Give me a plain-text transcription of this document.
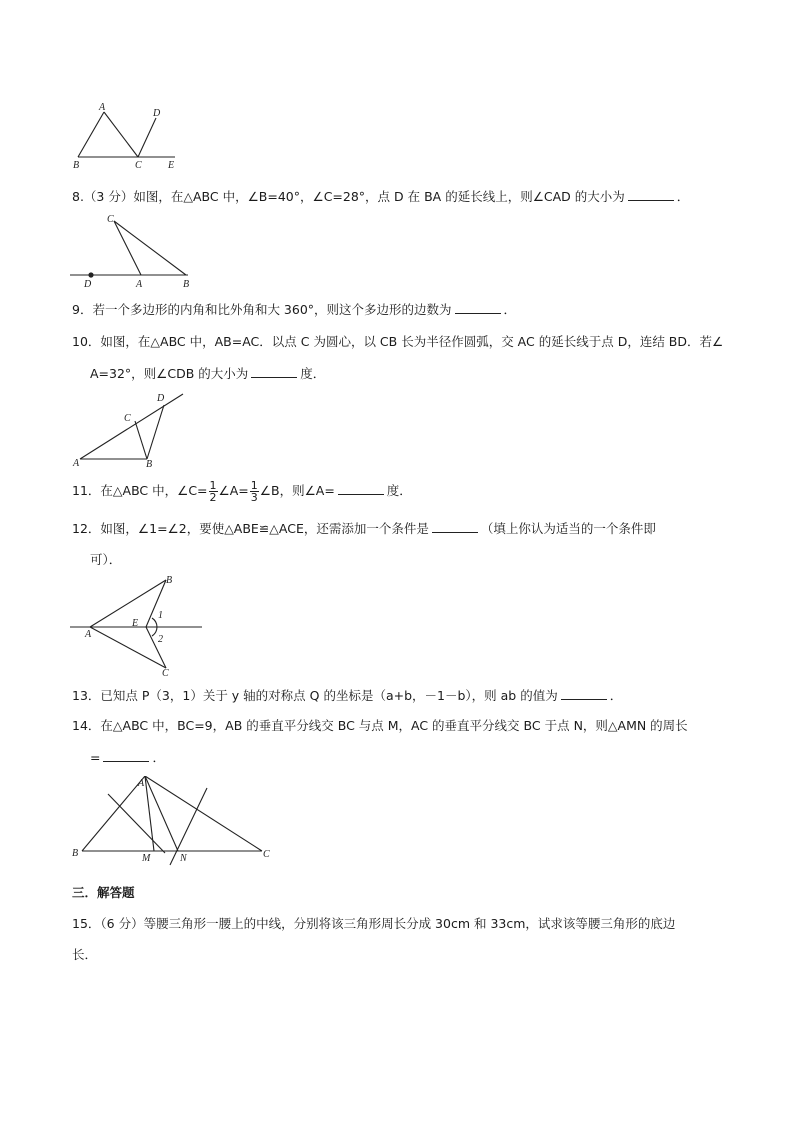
A
D
B	C	E
8.（3 分）如图，在△ABC 中，∠B=40°，∠C=28°，点 D 在 BA 的延长线上，则∠CAD 的大小为	．
C
D	A	B
9．若一个多边形的内角和比外角和大 360°，则这个多边形的边数为	．
10．如图，在△ABC 中，AB=AC．以点 C 为圆心，以 CB 长为半径作圆弧，交 AC 的延长线于点 D，连结 BD．若∠
A=32°，则∠CDB 的大小为	度．
D
C
A	B
11．在△ABC 中，∠C= $\frac{1}{2}$ ∠A= $\frac{1}{3}$ ∠B，则∠A=	度．
12．如图，∠1=∠2，要使△ABE≌△ACE，还需添加一个条件是	（填上你认为适当的一个条件即
可）．
B
1
E
2
A
C
13．已知点 P（3，1）关于 y 轴的对称点 Q 的坐标是（a+b，－1－b），则 ab 的值为	．
14．在△ABC 中，BC=9，AB 的垂直平分线交 BC 与点 M，AC 的垂直平分线交 BC 于点 N，则△AMN 的周长
=	．
A
B	M	N	C
三．解答题
15．（6 分）等腰三角形一腰上的中线，分别将该三角形周长分成 30cm 和 33cm，试求该等腰三角形的底边
长．
